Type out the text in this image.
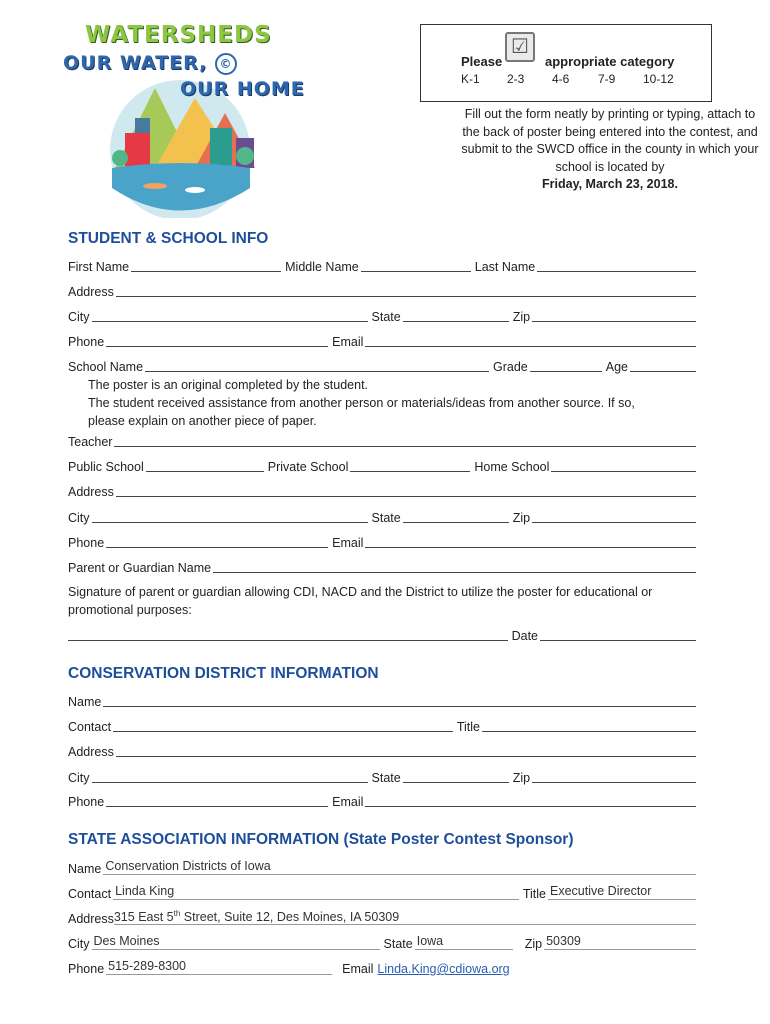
WATERSHEDS
OUR WATER, ©
OUR HOME
Please
☑
appropriate category
K-1 2-3 4-6 7-9 10-12
Fill out the form neatly by printing or typing, attach to the back of poster being entered into the contest, and submit to the SWCD office in the county in which your school is located by
Friday, March 23, 2018.
STUDENT & SCHOOL INFO
First Name	Middle Name	Last Name
Address
City	State	Zip
Phone	Email
School Name	Grade	Age
The poster is an original completed by the student.
The student received assistance from another person or materials/ideas from another source. If so, please explain on another piece of paper.
Teacher
Public School	Private School	Home School
Address
City	State	Zip
Phone	Email
Parent or Guardian Name
Signature of parent or guardian allowing CDI, NACD and the District to utilize the poster for educational or promotional purposes:
Date
CONSERVATION DISTRICT INFORMATION
Name
Contact	Title
Address
City	State	Zip
Phone	Email
STATE ASSOCIATION INFORMATION (State Poster Contest Sponsor)
Name Conservation Districts of Iowa
Contact Linda King	Title Executive Director
Address 315 East 5th Street, Suite 12, Des Moines, IA 50309
City Des Moines	State Iowa	Zip 50309
Phone 515-289-8300	Email Linda.King@cdiowa.org
